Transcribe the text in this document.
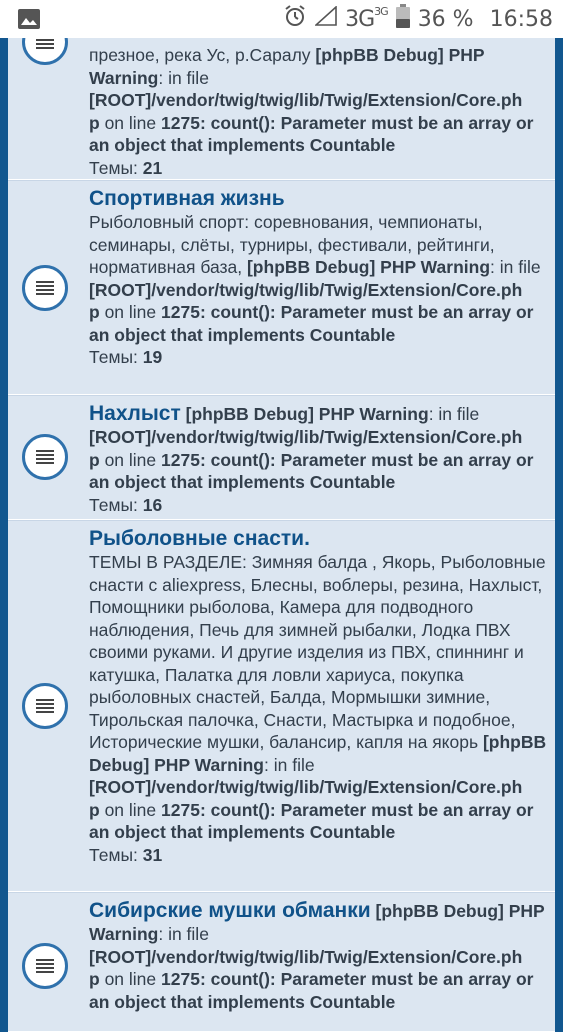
$3G^{3G}$ 36 % 16:58
презное, река Ус, р.Саралу [phpBB Debug] PHP Warning: in file
[ROOT]/vendor/twig/twig/lib/Twig/Extension/Core.ph
p on line 1275: count(): Parameter must be an array or an object that implements Countable
Темы: 21
Спортивная жизнь
Рыболовный спорт: соревнования, чемпионаты, семинары, слёты, турниры, фестивали, рейтинги, нормативная база, [phpBB Debug] PHP Warning: in file
[ROOT]/vendor/twig/twig/lib/Twig/Extension/Core.ph
p on line 1275: count(): Parameter must be an array or an object that implements Countable
Темы: 19
Нахлыст [phpBB Debug] PHP Warning: in file
[ROOT]/vendor/twig/twig/lib/Twig/Extension/Core.ph
p on line 1275: count(): Parameter must be an array or an object that implements Countable
Темы: 16
Рыболовные снасти.
ТЕМЫ В РАЗДЕЛЕ: Зимняя балда , Якорь, Рыболовные снасти с aliexpress, Блесны, воблеры, резина, Нахлыст, Помощники рыболова, Камера для подводного наблюдения, Печь для зимней рыбалки, Лодка ПВХ своими руками. И другие изделия из ПВХ, спиннинг и катушка, Палатка для ловли хариуса, покупка рыболовных снастей, Балда, Мормышки зимние, Тирольская палочка, Снасти, Мастырка и подобное, Исторические мушки, балансир, капля на якорь [phpBB Debug] PHP Warning: in file
[ROOT]/vendor/twig/twig/lib/Twig/Extension/Core.ph
p on line 1275: count(): Parameter must be an array or an object that implements Countable
Темы: 31
Сибирские мушки обманки [phpBB Debug] PHP Warning: in file
[ROOT]/vendor/twig/twig/lib/Twig/Extension/Core.ph
p on line 1275: count(): Parameter must be an array or an object that implements Countable
